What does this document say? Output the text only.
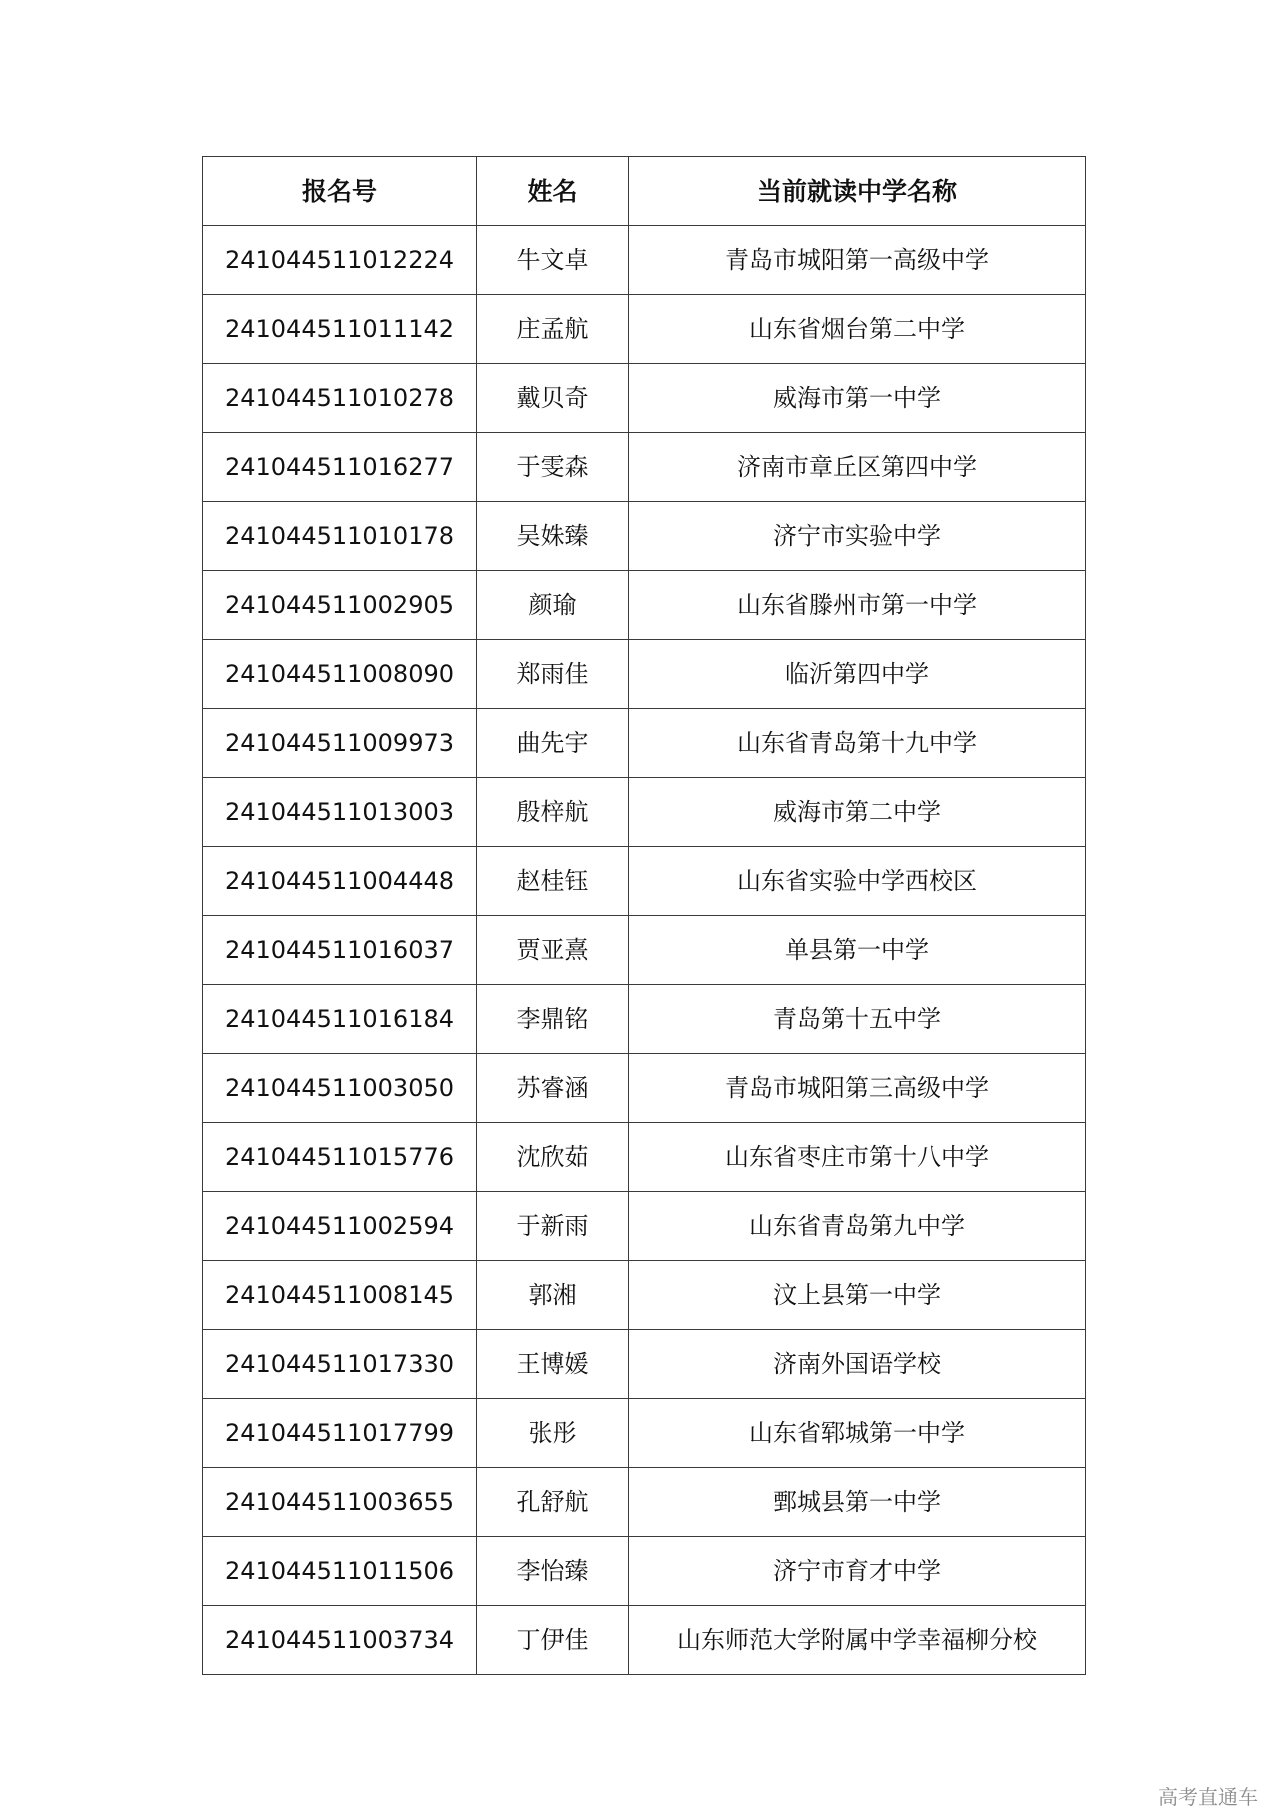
报名号	姓名	当前就读中学名称
241044511012224	牛文卓	青岛市城阳第一高级中学
241044511011142	庄孟航	山东省烟台第二中学
241044511010278	戴贝奇	威海市第一中学
241044511016277	于雯森	济南市章丘区第四中学
241044511010178	吴姝臻	济宁市实验中学
241044511002905	颜瑜	山东省滕州市第一中学
241044511008090	郑雨佳	临沂第四中学
241044511009973	曲先宇	山东省青岛第十九中学
241044511013003	殷梓航	威海市第二中学
241044511004448	赵桂钰	山东省实验中学西校区
241044511016037	贾亚熹	单县第一中学
241044511016184	李鼎铭	青岛第十五中学
241044511003050	苏睿涵	青岛市城阳第三高级中学
241044511015776	沈欣茹	山东省枣庄市第十八中学
241044511002594	于新雨	山东省青岛第九中学
241044511008145	郭湘	汶上县第一中学
241044511017330	王博媛	济南外国语学校
241044511017799	张彤	山东省郓城第一中学
241044511003655	孔舒航	鄄城县第一中学
241044511011506	李怡臻	济宁市育才中学
241044511003734	丁伊佳	山东师范大学附属中学幸福柳分校
高考直通车
